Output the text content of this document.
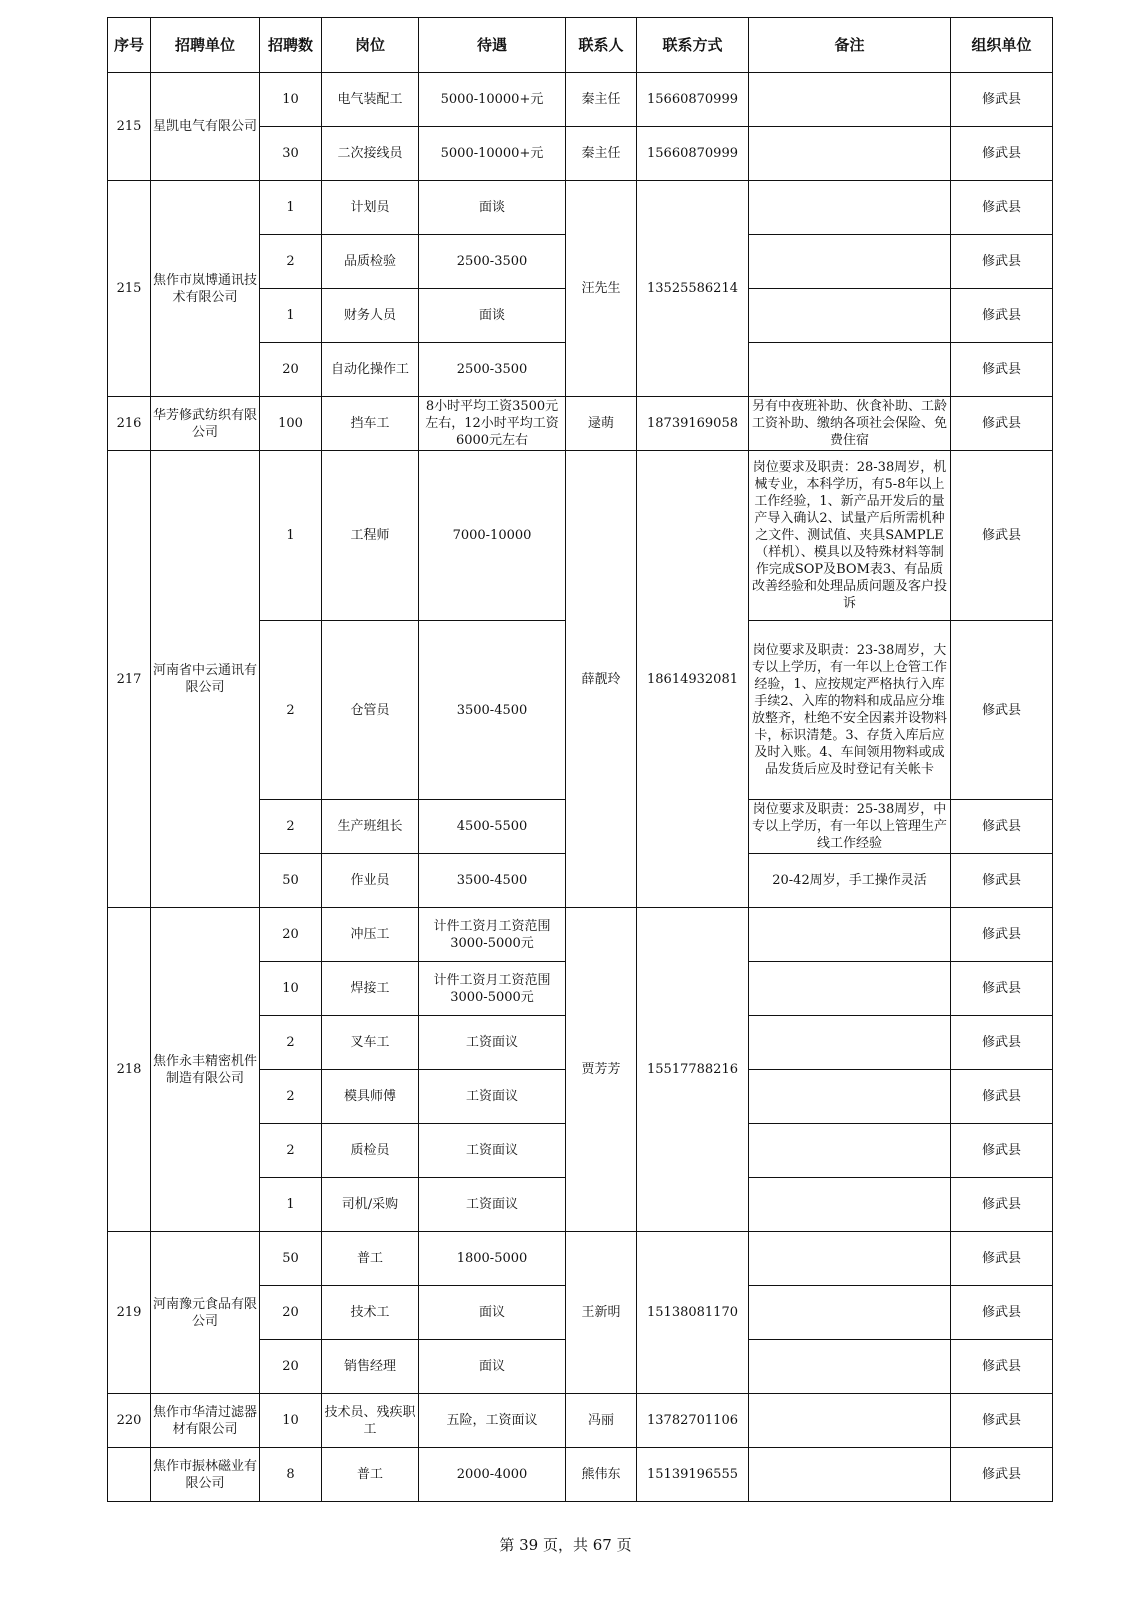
序号	招聘单位	招聘数	岗位	待遇	联系人	联系方式	备注	组织单位
215	星凯电气有限公司	10	电气装配工	5000-10000+元	秦主任	15660870999		修武县
		30	二次接线员	5000-10000+元	秦主任	15660870999		修武县
215	焦作市岚博通讯技术有限公司	1	计划员	面谈	汪先生	13525586214		修武县
		2	品质检验	2500-3500				修武县
		1	财务人员	面谈				修武县
		20	自动化操作工	2500-3500				修武县
216	华芳修武纺织有限公司	100	挡车工	8小时平均工资3500元左右，12小时平均工资6000元左右	逯萌	18739169058	另有中夜班补助、伙食补助、工龄工资补助、缴纳各项社会保险、免费住宿	修武县
217	河南省中云通讯有限公司	1	工程师	7000-10000	薛靓玲	18614932081	岗位要求及职责：28-38周岁，机械专业，本科学历，有5-8年以上工作经验，1、新产品开发后的量产导入确认2、试量产后所需机种之文件、测试值、夹具SAMPLE（样机）、模具以及特殊材料等制作完成SOP及BOM表3、有品质改善经验和处理品质问题及客户投诉	修武县
		2	仓管员	3500-4500			岗位要求及职责：23-38周岁，大专以上学历，有一年以上仓管工作经验，1、应按规定严格执行入库手续2、入库的物料和成品应分堆放整齐，杜绝不安全因素并设物料卡，标识清楚。3、存货入库后应及时入账。4、车间领用物料或成品发货后应及时登记有关帐卡	修武县
		2	生产班组长	4500-5500			岗位要求及职责：25-38周岁，中专以上学历，有一年以上管理生产线工作经验	修武县
		50	作业员	3500-4500			20-42周岁，手工操作灵活	修武县
218	焦作永丰精密机件制造有限公司	20	冲压工	计件工资月工资范围3000-5000元	贾芳芳	15517788216		修武县
		10	焊接工	计件工资月工资范围3000-5000元				修武县
		2	叉车工	工资面议				修武县
		2	模具师傅	工资面议				修武县
		2	质检员	工资面议				修武县
		1	司机/采购	工资面议				修武县
219	河南豫元食品有限公司	50	普工	1800-5000	王新明	15138081170		修武县
		20	技术工	面议				修武县
		20	销售经理	面议				修武县
220	焦作市华清过滤器材有限公司	10	技术员、残疾职工	五险，工资面议	冯丽	13782701106		修武县
	焦作市振林磁业有限公司	8	普工	2000-4000	熊伟东	15139196555		修武县
第 39 页，共 67 页
